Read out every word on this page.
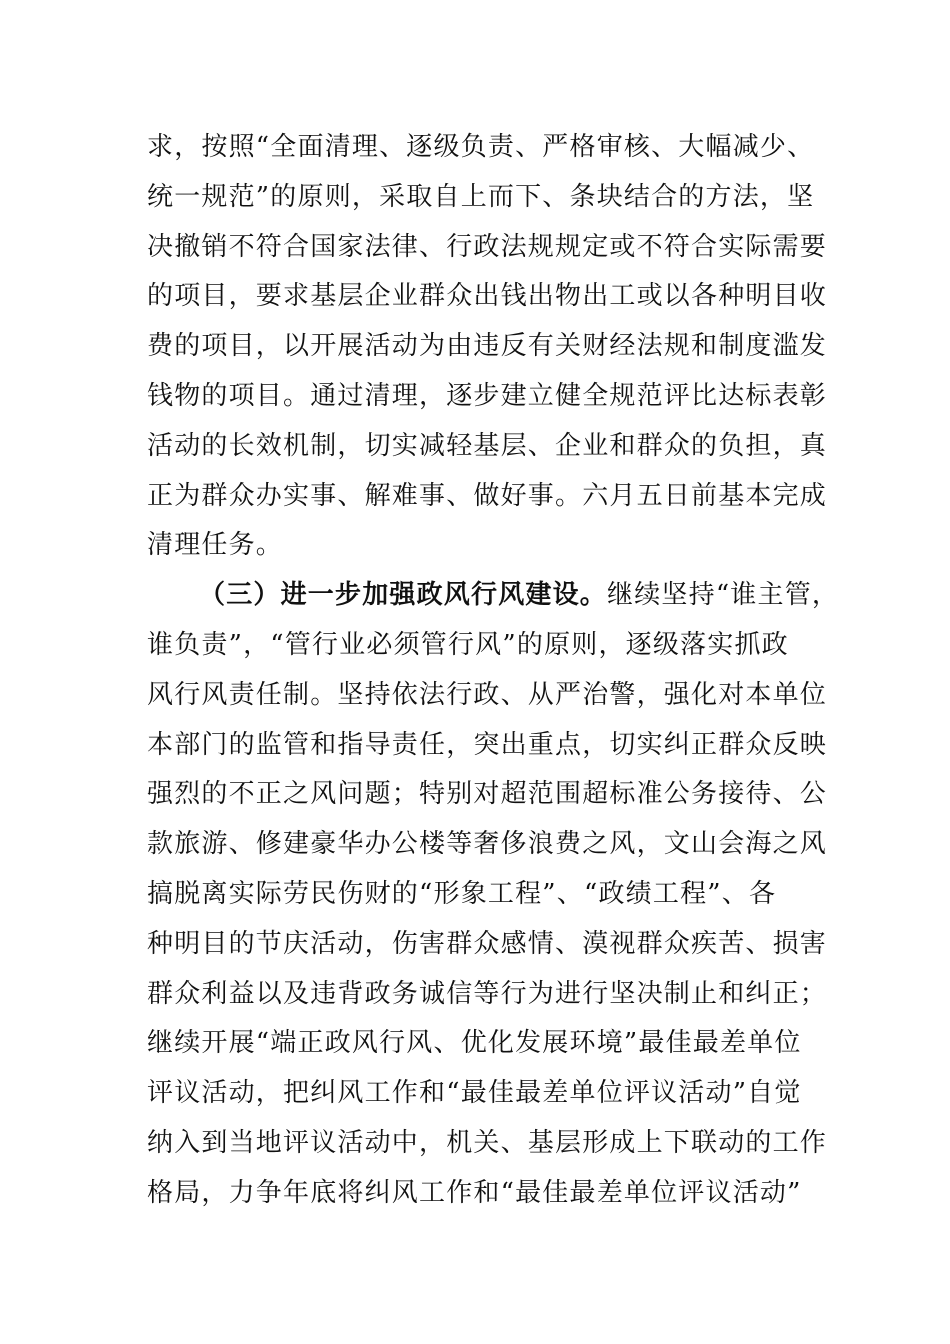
求，按照“全面清理、逐级负责、严格审核、大幅减少、
统一规范”的原则，采取自上而下、条块结合的方法，坚
决撤销不符合国家法律、行政法规规定或不符合实际需要
的项目，要求基层企业群众出钱出物出工或以各种明目收
费的项目，以开展活动为由违反有关财经法规和制度滥发
钱物的项目。通过清理，逐步建立健全规范评比达标表彰
活动的长效机制，切实减轻基层、企业和群众的负担，真
正为群众办实事、解难事、做好事。六月五日前基本完成
清理任务。
（三）进一步加强政风行风建设。继续坚持“谁主管，
谁负责”，“管行业必须管行风”的原则，逐级落实抓政
风行风责任制。坚持依法行政、从严治警，强化对本单位
本部门的监管和指导责任，突出重点，切实纠正群众反映
强烈的不正之风问题；特别对超范围超标准公务接待、公
款旅游、修建豪华办公楼等奢侈浪费之风，文山会海之风
搞脱离实际劳民伤财的“形象工程”、“政绩工程”、各
种明目的节庆活动，伤害群众感情、漠视群众疾苦、损害
群众利益以及违背政务诚信等行为进行坚决制止和纠正；
继续开展“端正政风行风、优化发展环境”最佳最差单位
评议活动，把纠风工作和“最佳最差单位评议活动”自觉
纳入到当地评议活动中，机关、基层形成上下联动的工作
格局，力争年底将纠风工作和“最佳最差单位评议活动”
